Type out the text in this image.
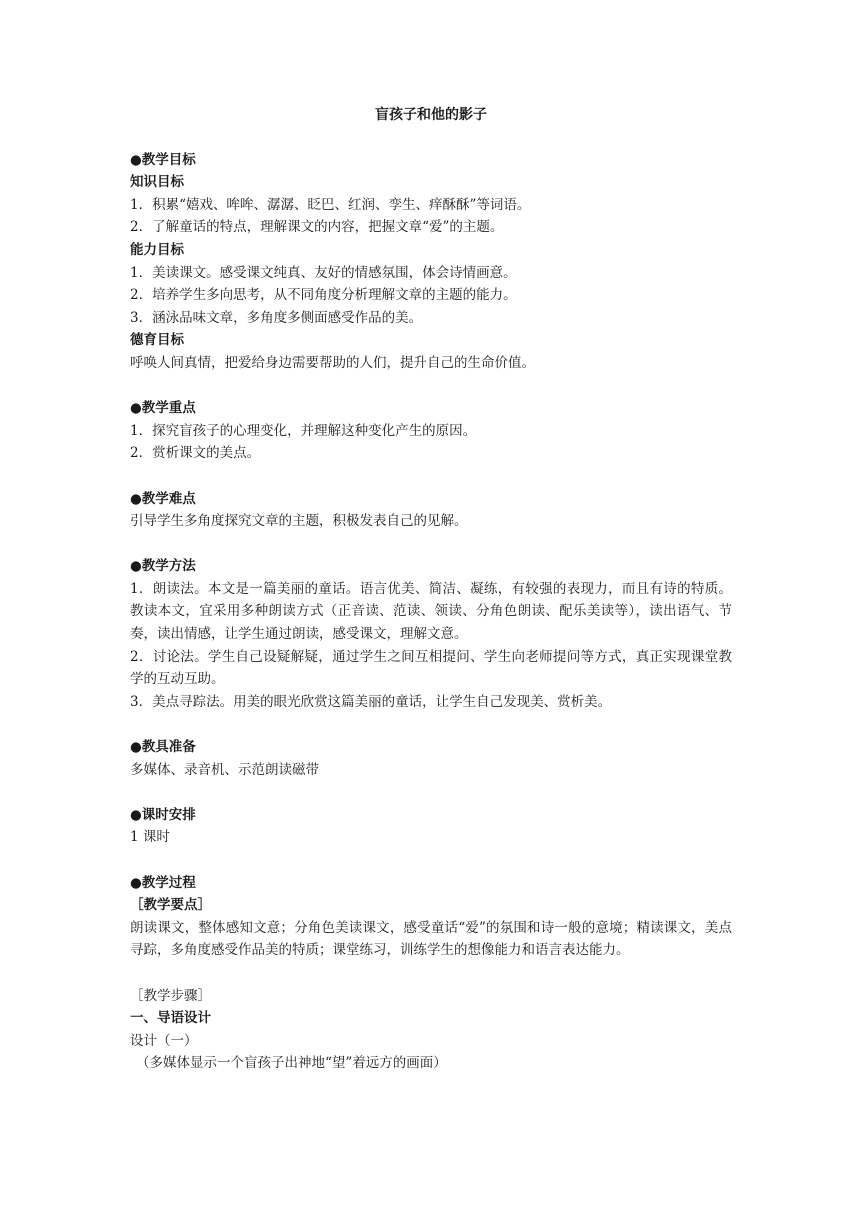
盲孩子和他的影子
●教学目标
知识目标

1．积累“嬉戏、哞哞、潺潺、眨巴、红润、孪生、痒酥酥”等词语。

2．了解童话的特点，理解课文的内容，把握文章“爱”的主题。

能力目标

1．美读课文。感受课文纯真、友好的情感氛围，体会诗情画意。

2．培养学生多向思考，从不同角度分析理解文章的主题的能力。

3．涵泳品味文章，多角度多侧面感受作品的美。

德育目标

呼唤人间真情，把爱给身边需要帮助的人们，提升自己的生命价值。

●教学重点

1．探究盲孩子的心理变化，并理解这种变化产生的原因。

2．赏析课文的美点。

●教学难点

引导学生多角度探究文章的主题，积极发表自己的见解。

●教学方法

1．朗读法。本文是一篇美丽的童话。语言优美、简洁、凝练，有较强的表现力，而且有诗的特质。教读本文，宜采用多种朗读方式（正音读、范读、领读、分角色朗读、配乐美读等），读出语气、节奏，读出情感，让学生通过朗读，感受课文，理解文意。

2．讨论法。学生自己设疑解疑，通过学生之间互相提问、学生向老师提问等方式，真正实现课堂教学的互动互助。

3．美点寻踪法。用美的眼光欣赏这篇美丽的童话，让学生自己发现美、赏析美。

●教具准备

多媒体、录音机、示范朗读磁带

●课时安排

1 课时

●教学过程
［教学要点］

朗读课文，整体感知文意；分角色美读课文，感受童话“爱”的氛围和诗一般的意境；精读课文，美点寻踪，多角度感受作品美的特质；课堂练习，训练学生的想像能力和语言表达能力。

［教学步骤］

一、导语设计

设计（一）

（多媒体显示一个盲孩子出神地“望”着远方的画面）
